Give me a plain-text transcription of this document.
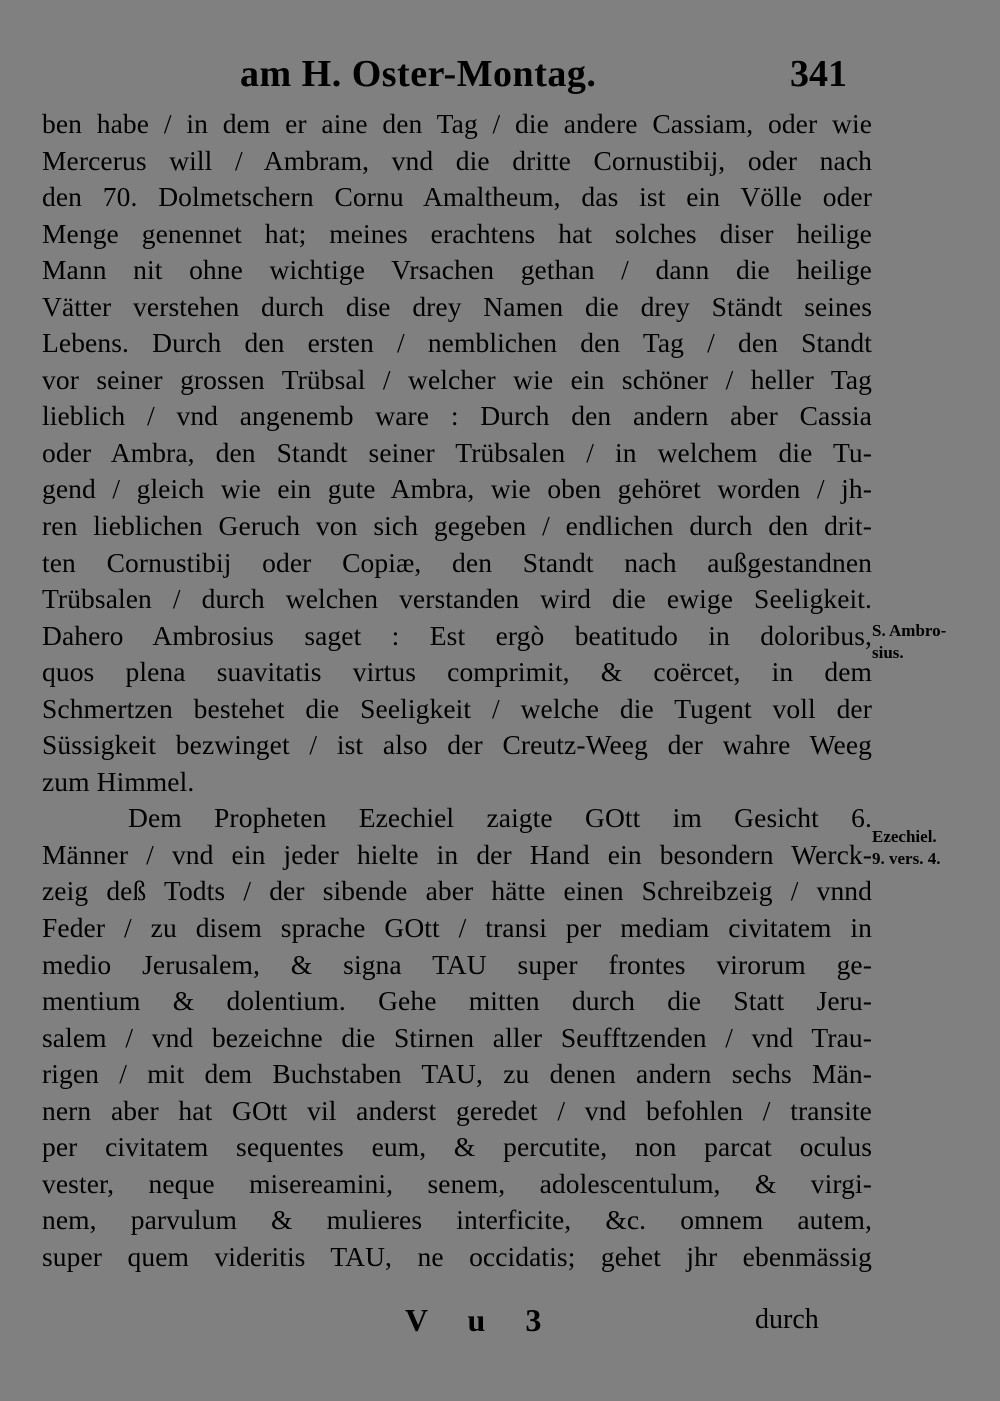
am H. Oster-Montag.	341
ben habe / in dem er aine den Tag / die andere Cassiam, oder wie
Mercerus will / Ambram, vnd die dritte Cornustibij, oder nach
den 70. Dolmetschern Cornu Amaltheum, das ist ein Völle oder
Menge genennet hat; meines erachtens hat solches diser heilige
Mann nit ohne wichtige Vrsachen gethan / dann die heilige
Vätter verstehen durch dise drey Namen die drey Ständt seines
Lebens. Durch den ersten / nemblichen den Tag / den Standt
vor seiner grossen Trübsal / welcher wie ein schöner / heller Tag
lieblich / vnd angenemb ware : Durch den andern aber Cassia
oder Ambra, den Standt seiner Trübsalen / in welchem die Tu-
gend / gleich wie ein gute Ambra, wie oben gehöret worden / jh-
ren lieblichen Geruch von sich gegeben / endlichen durch den drit-
ten Cornustibij oder Copiæ, den Standt nach außgestandnen
Trübsalen / durch welchen verstanden wird die ewige Seeligkeit.
Dahero Ambrosius saget : Est ergò beatitudo in doloribus,
quos plena suavitatis virtus comprimit, & coërcet, in dem
Schmertzen bestehet die Seeligkeit / welche die Tugent voll der
Süssigkeit bezwinget / ist also der Creutz-Weeg der wahre Weeg
zum Himmel.
Dem Propheten Ezechiel zaigte GOtt im Gesicht 6.
Männer / vnd ein jeder hielte in der Hand ein besondern Werck-
zeig deß Todts / der sibende aber hätte einen Schreibzeig / vnnd
Feder / zu disem sprache GOtt / transi per mediam civitatem in
medio Jerusalem, & signa TAU super frontes virorum ge-
mentium & dolentium. Gehe mitten durch die Statt Jeru-
salem / vnd bezeichne die Stirnen aller Seufftzenden / vnd Trau-
rigen / mit dem Buchstaben TAU, zu denen andern sechs Män-
nern aber hat GOtt vil anderst geredet / vnd befohlen / transite
per civitatem sequentes eum, & percutite, non parcat oculus
vester, neque misereamini, senem, adolescentulum, & virgi-
nem, parvulum & mulieres interficite, &c. omnem autem,
super quem videritis TAU, ne occidatis; gehet jhr ebenmässig
S. Ambro-
sius.
Ezechiel.
9. vers. 4.
V u 3	durch
